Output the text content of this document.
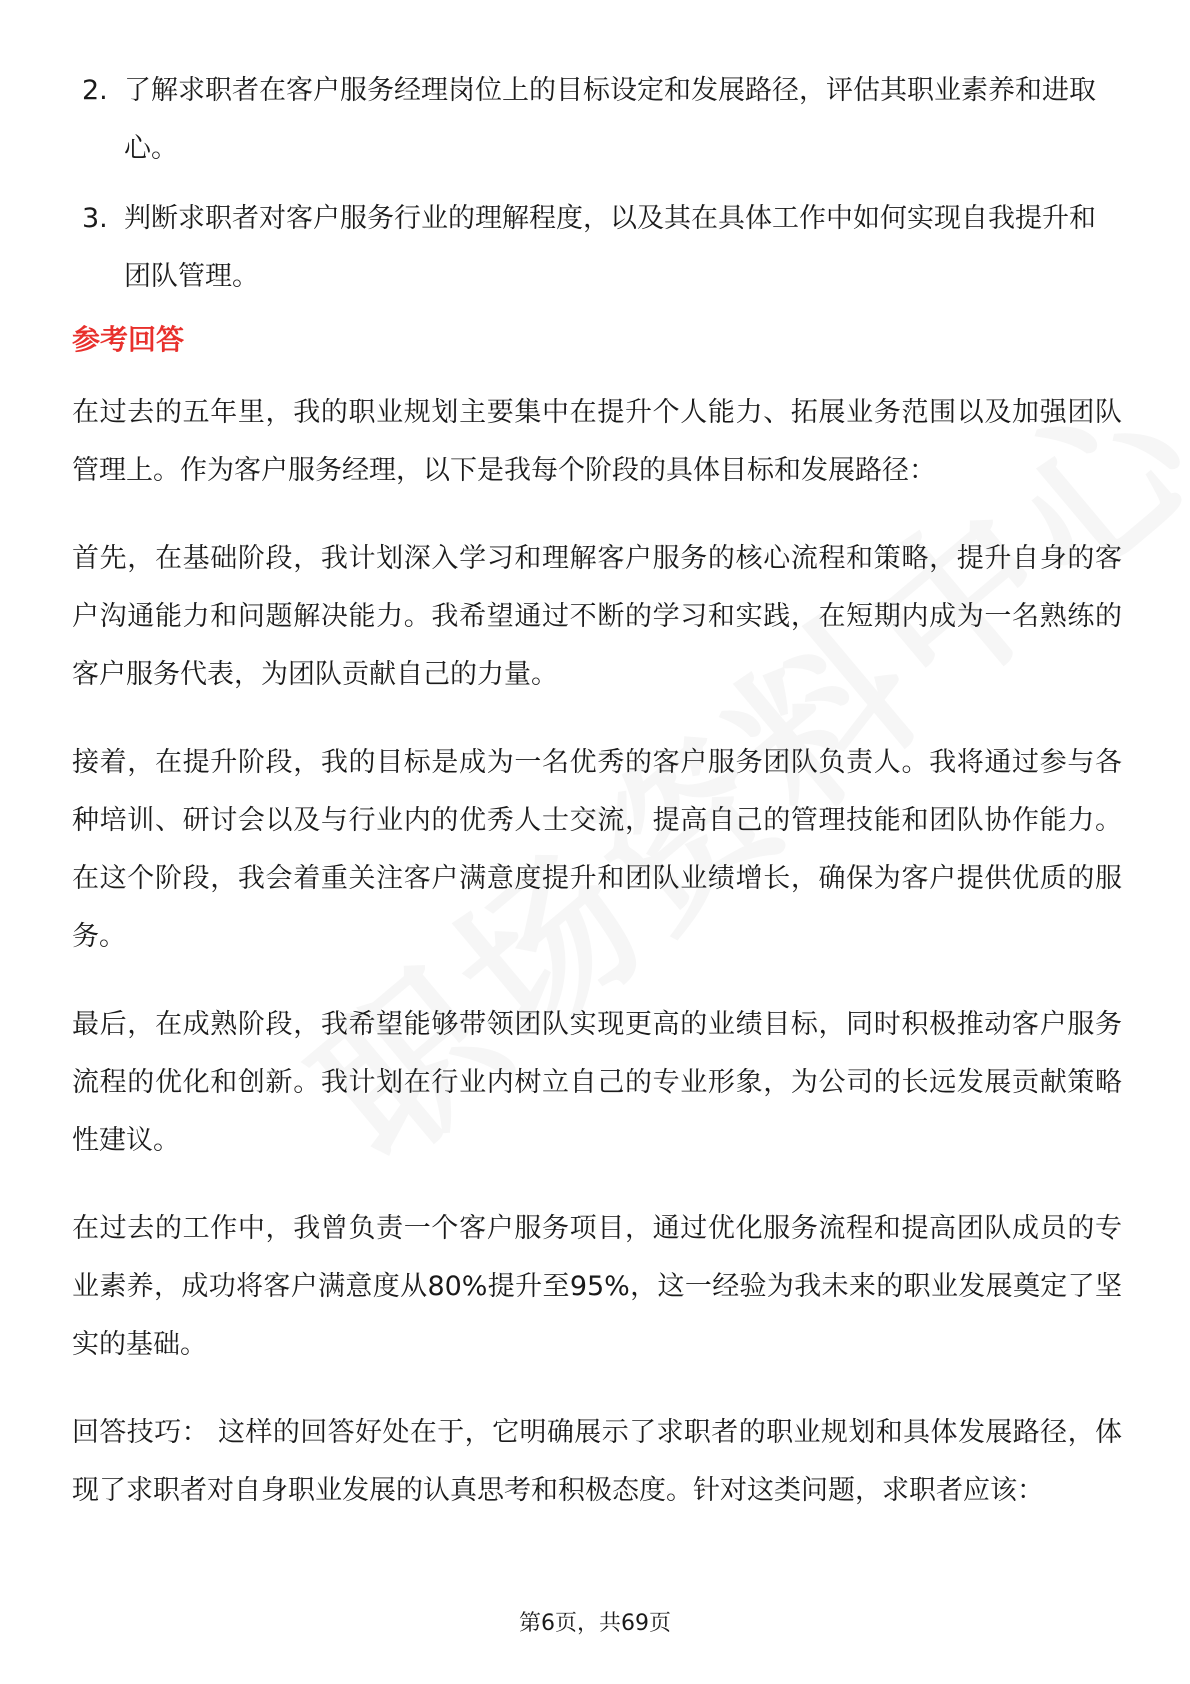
2. 了解求职者在客户服务经理岗位上的目标设定和发展路径，评估其职业素养和进取心。
3. 判断求职者对客户服务行业的理解程度，以及其在具体工作中如何实现自我提升和团队管理。
参考回答

在过去的五年里，我的职业规划主要集中在提升个人能力、拓展业务范围以及加强团队管理上。作为客户服务经理，以下是我每个阶段的具体目标和发展路径：

首先，在基础阶段，我计划深入学习和理解客户服务的核心流程和策略，提升自身的客户沟通能力和问题解决能力。我希望通过不断的学习和实践，在短期内成为一名熟练的客户服务代表，为团队贡献自己的力量。

接着，在提升阶段，我的目标是成为一名优秀的客户服务团队负责人。我将通过参与各种培训、研讨会以及与行业内的优秀人士交流，提高自己的管理技能和团队协作能力。在这个阶段，我会着重关注客户满意度提升和团队业绩增长，确保为客户提供优质的服务。

最后，在成熟阶段，我希望能够带领团队实现更高的业绩目标，同时积极推动客户服务流程的优化和创新。我计划在行业内树立自己的专业形象，为公司的长远发展贡献策略性建议。

在过去的工作中，我曾负责一个客户服务项目，通过优化服务流程和提高团队成员的专业素养，成功将客户满意度从80%提升至95%，这一经验为我未来的职业发展奠定了坚实的基础。

回答技巧： 这样的回答好处在于，它明确展示了求职者的职业规划和具体发展路径，体现了求职者对自身职业发展的认真思考和积极态度。针对这类问题，求职者应该：

第6页，共69页
